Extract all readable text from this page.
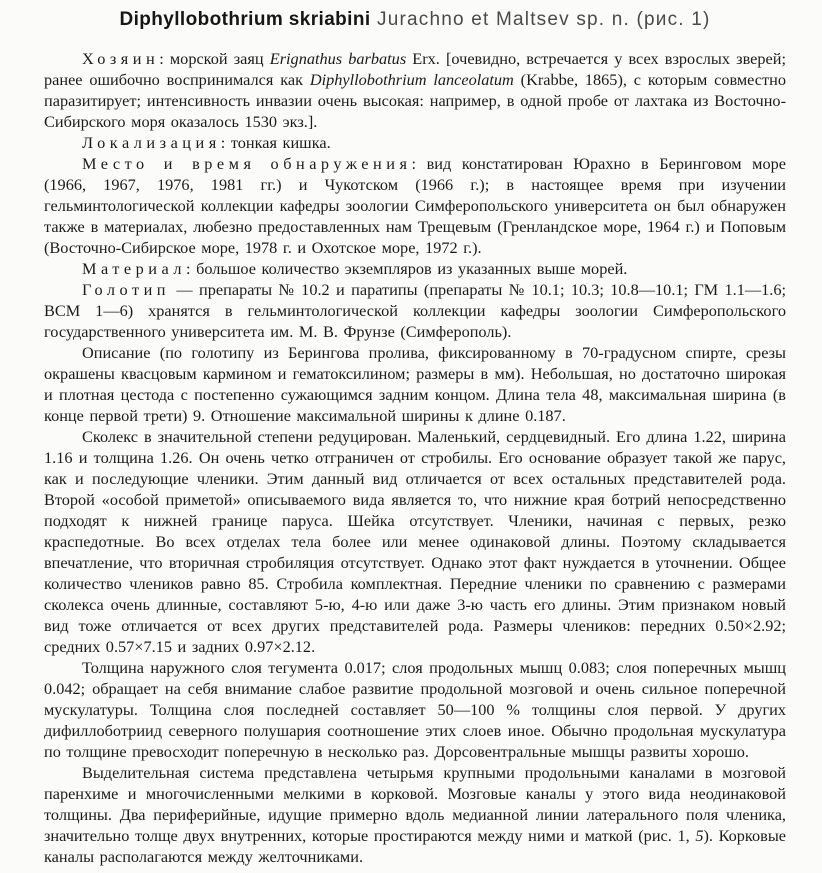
Diphyllobothrium skriabini Jurachno et Maltsev sp. n. (рис. 1)

Хозяин: морской заяц Erignathus barbatus Erx. [очевидно, встречается у всех взрослых зверей; ранее ошибочно воспринимался как Diphyllobothrium lanceolatum (Krabbe, 1865), с которым совместно паразитирует; интенсивность инвазии очень высокая: например, в одной пробе от лахтака из Восточно-Сибирского моря оказалось 1530 экз.].

Локализация: тонкая кишка.

Место и время обнаружения: вид констатирован Юрахно в Беринговом море (1966, 1967, 1976, 1981 гг.) и Чукотском (1966 г.); в настоящее время при изучении гельминтологической коллекции кафедры зоологии Симферопольского университета он был обнаружен также в материалах, любезно предоставленных нам Трещевым (Гренландское море, 1964 г.) и Поповым (Восточно-Сибирское море, 1978 г. и Охотское море, 1972 г.).

Материал: большое количество экземпляров из указанных выше морей.

Голотип — препараты № 10.2 и паратипы (препараты № 10.1; 10.3; 10.8—10.1; ГМ 1.1—1.6; ВСМ 1—6) хранятся в гельминтологической коллекции кафедры зоологии Симферопольского государственного университета им. М. В. Фрунзе (Симферополь).

Описание (по голотипу из Берингова пролива, фиксированному в 70-градусном спирте, срезы окрашены квасцовым кармином и гематоксилином; размеры в мм). Небольшая, но достаточно широкая и плотная цестода с постепенно сужающимся задним концом. Длина тела 48, максимальная ширина (в конце первой трети) 9. Отношение максимальной ширины к длине 0.187.

Сколекс в значительной степени редуцирован. Маленький, сердцевидный. Его длина 1.22, ширина 1.16 и толщина 1.26. Он очень четко отграничен от стробилы. Его основание образует такой же парус, как и последующие членики. Этим данный вид отличается от всех остальных представителей рода. Второй «особой приметой» описываемого вида является то, что нижние края ботрий непосредственно подходят к нижней границе паруса. Шейка отсутствует. Членики, начиная с первых, резко краспедотные. Во всех отделах тела более или менее одинаковой длины. Поэтому складывается впечатление, что вторичная стробиляция отсутствует. Однако этот факт нуждается в уточнении. Общее количество члеников равно 85. Стробила комплектная. Передние членики по сравнению с размерами сколекса очень длинные, составляют 5-ю, 4-ю или даже 3-ю часть его длины. Этим признаком новый вид тоже отличается от всех других представителей рода. Размеры члеников: передних 0.50×2.92; средних 0.57×7.15 и задних 0.97×2.12.

Толщина наружного слоя тегумента 0.017; слоя продольных мышц 0.083; слоя поперечных мышц 0.042; обращает на себя внимание слабое развитие продольной мозговой и очень сильное поперечной мускулатуры. Толщина слоя последней составляет 50—100 % толщины слоя первой. У других дифиллоботриид северного полушария соотношение этих слоев иное. Обычно продольная мускулатура по толщине превосходит поперечную в несколько раз. Дорсовентральные мышцы развиты хорошо.

Выделительная система представлена четырьмя крупными продольными каналами в мозговой паренхиме и многочисленными мелкими в корковой. Мозговые каналы у этого вида неодинаковой толщины. Два периферийные, идущие примерно вдоль медианной линии латерального поля членика, значительно толще двух внутренних, которые простираются между ними и маткой (рис. 1, 5). Корковые каналы располагаются между желточниками.
